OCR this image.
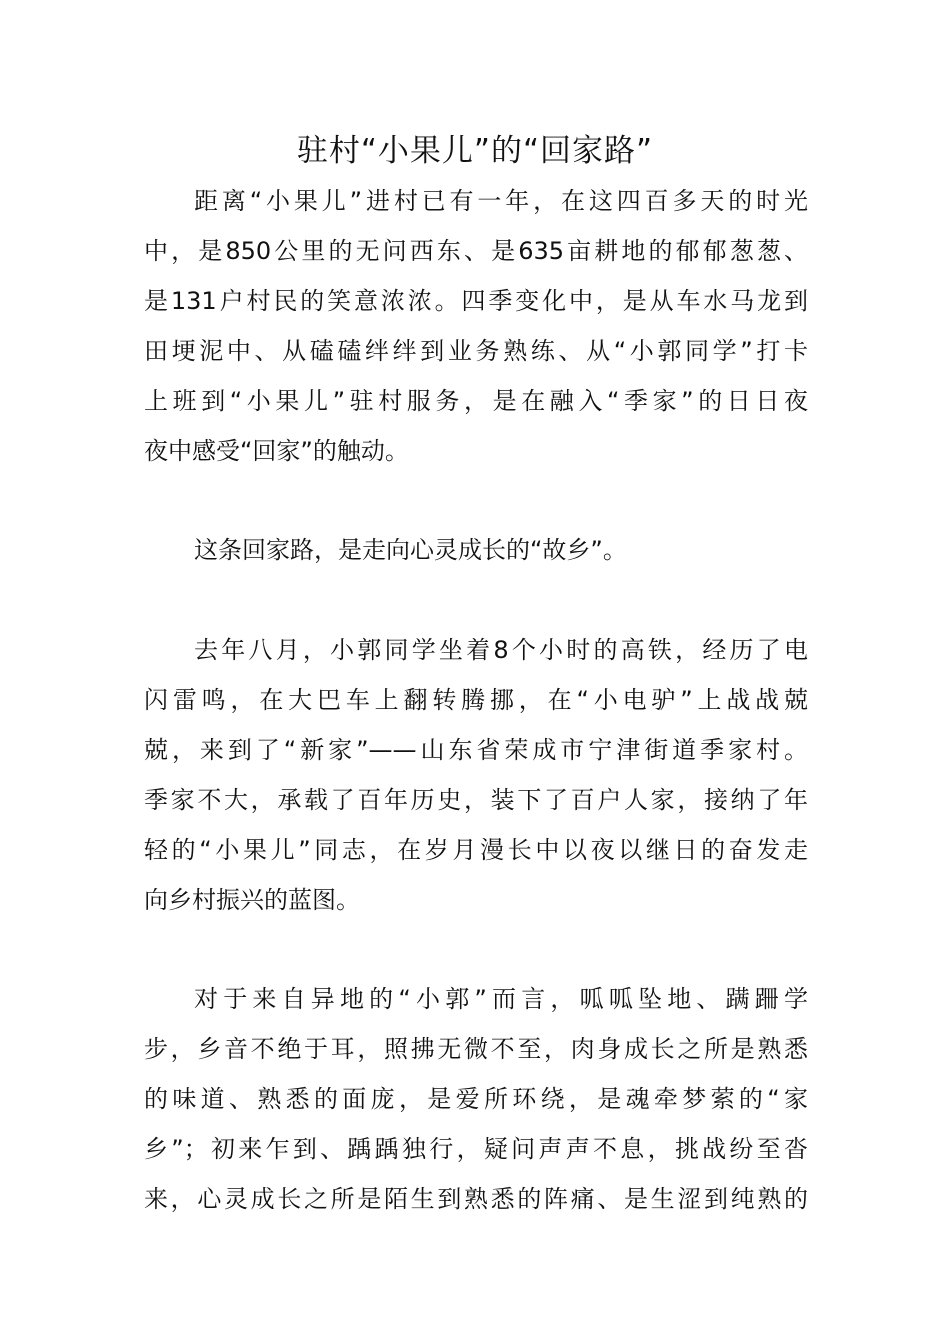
驻村“小果儿”的“回家路”
距离“小果儿”进村已有一年，在这四百多天的时光
中，是850公里的无问西东、是635亩耕地的郁郁葱葱、
是131户村民的笑意浓浓。四季变化中，是从车水马龙到
田埂泥中、从磕磕绊绊到业务熟练、从“小郭同学”打卡
上班到“小果儿”驻村服务，是在融入“季家”的日日夜
夜中感受“回家”的触动。
这条回家路，是走向心灵成长的“故乡”。
去年八月，小郭同学坐着8个小时的高铁，经历了电
闪雷鸣，在大巴车上翻转腾挪，在“小电驴”上战战兢
兢，来到了“新家”——山东省荣成市宁津街道季家村。
季家不大，承载了百年历史，装下了百户人家，接纳了年
轻的“小果儿”同志，在岁月漫长中以夜以继日的奋发走
向乡村振兴的蓝图。
对于来自异地的“小郭”而言，呱呱坠地、蹒跚学
步，乡音不绝于耳，照拂无微不至，肉身成长之所是熟悉
的味道、熟悉的面庞，是爱所环绕，是魂牵梦萦的“家
乡”；初来乍到、踽踽独行，疑问声声不息，挑战纷至沓
来，心灵成长之所是陌生到熟悉的阵痛、是生涩到纯熟的
